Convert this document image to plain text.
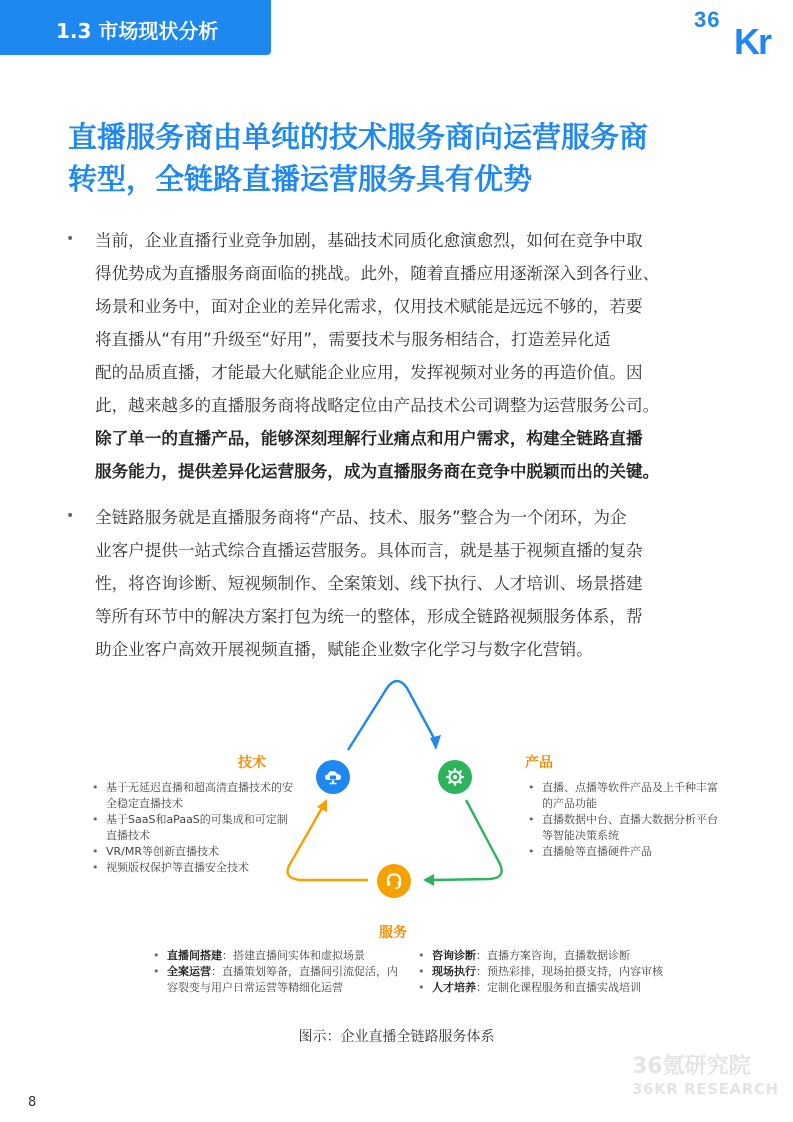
1.3 市场现状分析	36
Kr
直播服务商由单纯的技术服务商向运营服务商
转型，全链路直播运营服务具有优势
• 当前，企业直播行业竞争加剧，基础技术同质化愈演愈烈，如何在竞争中取
得优势成为直播服务商面临的挑战。此外，随着直播应用逐渐深入到各行业、
场景和业务中，面对企业的差异化需求，仅用技术赋能是远远不够的，若要
将直播从“有用”升级至“好用”，需要技术与服务相结合，打造差异化适
配的品质直播，才能最大化赋能企业应用，发挥视频对业务的再造价值。因
此，越来越多的直播服务商将战略定位由产品技术公司调整为运营服务公司。
除了单一的直播产品，能够深刻理解行业痛点和用户需求，构建全链路直播
服务能力，提供差异化运营服务，成为直播服务商在竞争中脱颖而出的关键。
• 全链路服务就是直播服务商将“产品、技术、服务”整合为一个闭环，为企
业客户提供一站式综合直播运营服务。具体而言，就是基于视频直播的复杂
性，将咨询诊断、短视频制作、全案策划、线下执行、人才培训、场景搭建
等所有环节中的解决方案打包为统一的整体，形成全链路视频服务体系，帮
助企业客户高效开展视频直播，赋能企业数字化学习与数字化营销。
技术	产品
服务
• 基于无延迟直播和超高清直播技术的安全稳定直播技术
• 基于SaaS和aPaaS的可集成和可定制直播技术
• VR/MR等创新直播技术
• 视频版权保护等直播安全技术
• 直播、点播等软件产品及上千种丰富的产品功能
• 直播数据中台、直播大数据分析平台等智能决策系统
• 直播舱等直播硬件产品
• 直播间搭建：搭建直播间实体和虚拟场景
• 全案运营：直播策划筹备，直播间引流促活，内容裂变与用户日常运营等精细化运营
• 咨询诊断：直播方案咨询，直播数据诊断
• 现场执行：预热彩排，现场拍摄支持，内容审核
• 人才培养：定制化课程服务和直播实战培训
图示：企业直播全链路服务体系
36氪研究院
36KR RESEARCH
8
